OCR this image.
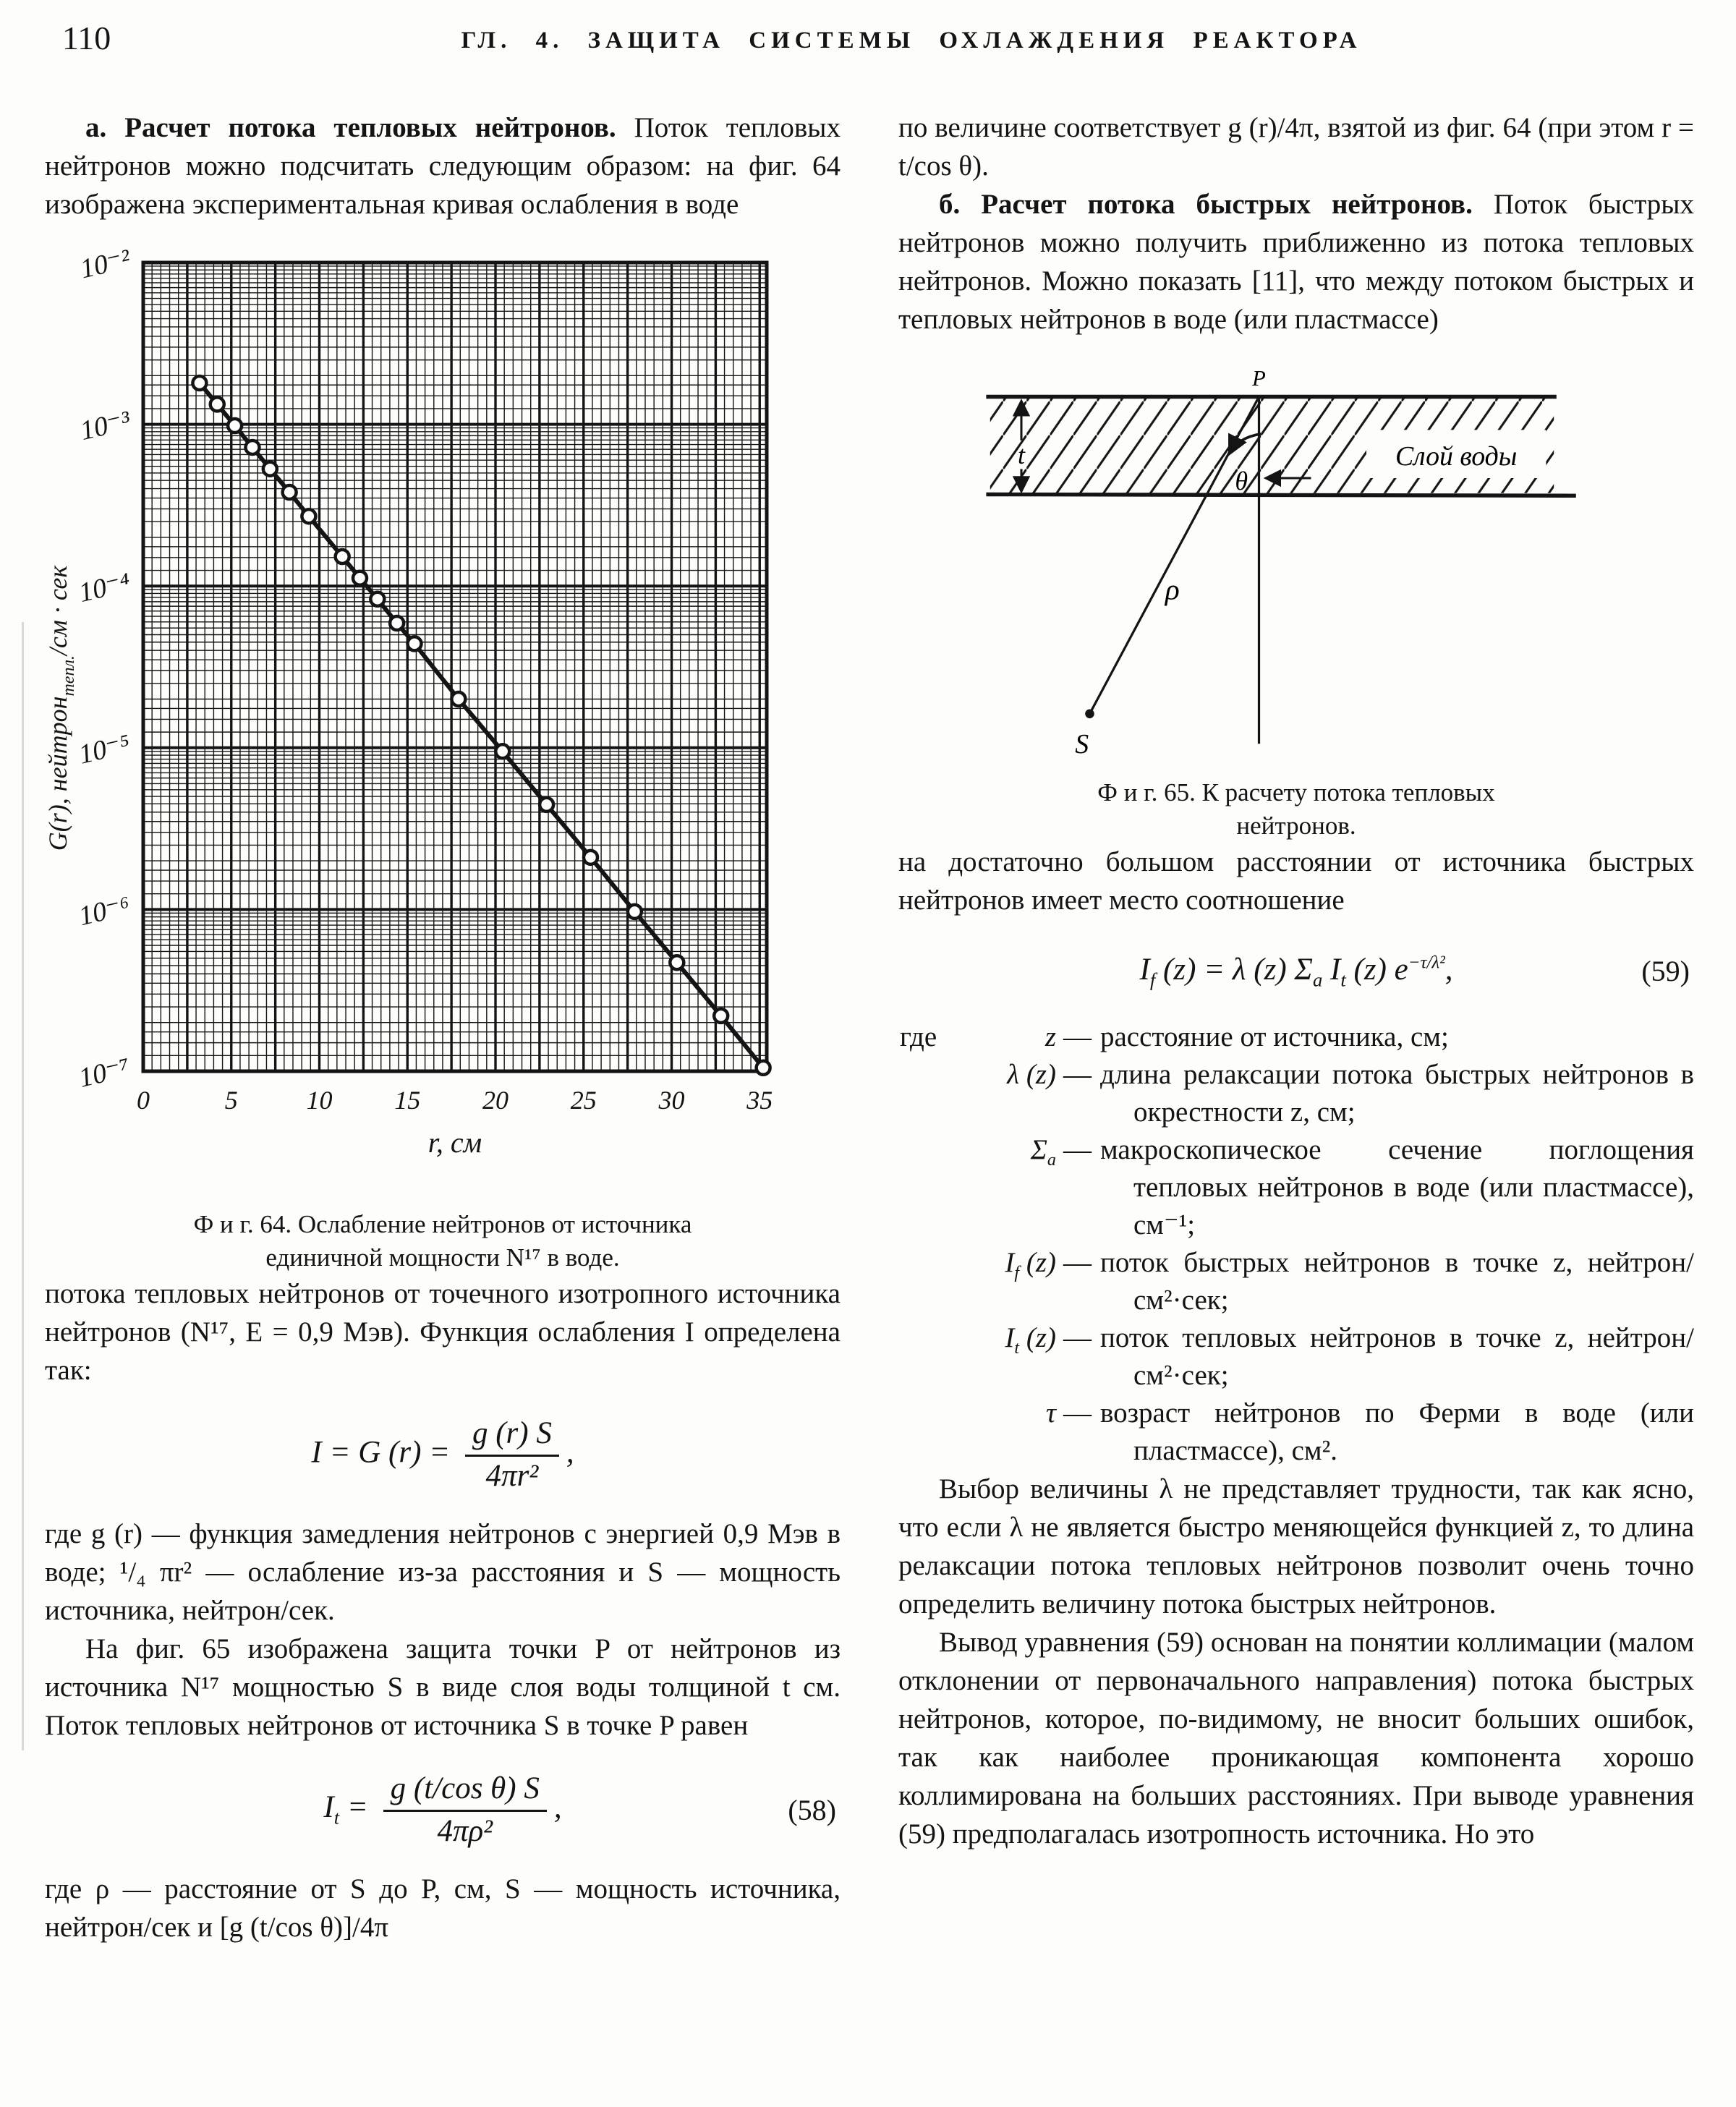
110	ГЛ. 4. ЗАЩИТА СИСТЕМЫ ОХЛАЖДЕНИЯ РЕАКТОРА

а. Расчет потока тепловых нейтронов. Поток тепловых нейтронов можно подсчитать следующим образом: на фиг. 64 изображена экспериментальная кривая ослабления в воде

0	5	10 15 20 25 30 35
r, см
10⁻²
10⁻³
10⁻⁴
10⁻⁵
10⁻⁶
10⁻⁷
G(r), нейтрон$_{тепл.}$/см · сек

Ф и г. 64. Ослабление нейтронов от источника
единичной мощности N¹⁷ в воде.

потока тепловых нейтронов от точечного изотропного источника нейтронов (N¹⁷, E = 0,9 Мэв). Функция ослабления I определена так:

I = G $(r) = \frac{g (r) S}{\text{4πr²}}$ ,

где g (r) — функция замедления нейтронов с энергией 0,9 Мэв в воде; ¹/₄ πr² — ослабление из-за расстояния и S — мощность источника, нейтрон/сек.

На фиг. 65 изображена защита точки P от нейтронов из источника N¹⁷ мощностью S в виде слоя воды толщиной t см. Поток тепловых нейтронов от источника S в точке P равен

$I_t = \frac{\text{g (t/cos θ) S}}{\text{4πρ²}}$ ,	(58)

где ρ — расстояние от S до P, см, S — мощность источника, нейтрон/сек и [g (t/cos θ)]/4π

по величине соответствует g (r)/4π, взятой из фиг. 64 (при этом r = t/cos θ).

б. Расчет потока быстрых нейтронов. Поток быстрых нейтронов можно получить приближенно из потока тепловых нейтронов. Можно показать [11], что между потоком быстрых и тепловых нейтронов в воде (или пластмассе)

Слой воды
t
θ
P
ρ
S

Ф и г. 65. К расчету потока тепловых
нейтронов.

на достаточно большом расстоянии от источника быстрых нейтронов имеет место соотношение

$I_f$ (z) = λ (z) $\Sigma_a$ $I_t$ (z) $e^{-\tau/\lambda^2}$,	(59)
где	z — расстояние от источника, см;
λ (z) — длина релаксации потока быстрых нейтронов в окрестности z, см;
$\Sigma_a$ — макроскопическое сечение поглощения тепловых нейтронов в воде (или пластмассе), см⁻¹;
$I_f$ (z) — поток быстрых нейтронов в точке z, нейтрон/см²·сек;
$I_t$ (z) — поток тепловых нейтронов в точке z, нейтрон/см²·сек;
τ — возраст нейтронов по Ферми в воде (или пластмассе), см².

Выбор величины λ не представляет трудности, так как ясно, что если λ не является быстро меняющейся функцией z, то длина релаксации потока тепловых нейтронов позволит очень точно определить величину потока быстрых нейтронов.

Вывод уравнения (59) основан на понятии коллимации (малом отклонении от первоначального направления) потока быстрых нейтронов, которое, по-видимому, не вносит больших ошибок, так как наиболее проникающая компонента хорошо коллимирована на больших расстояниях. При выводе уравнения (59) предполагалась изотропность источника. Но это
